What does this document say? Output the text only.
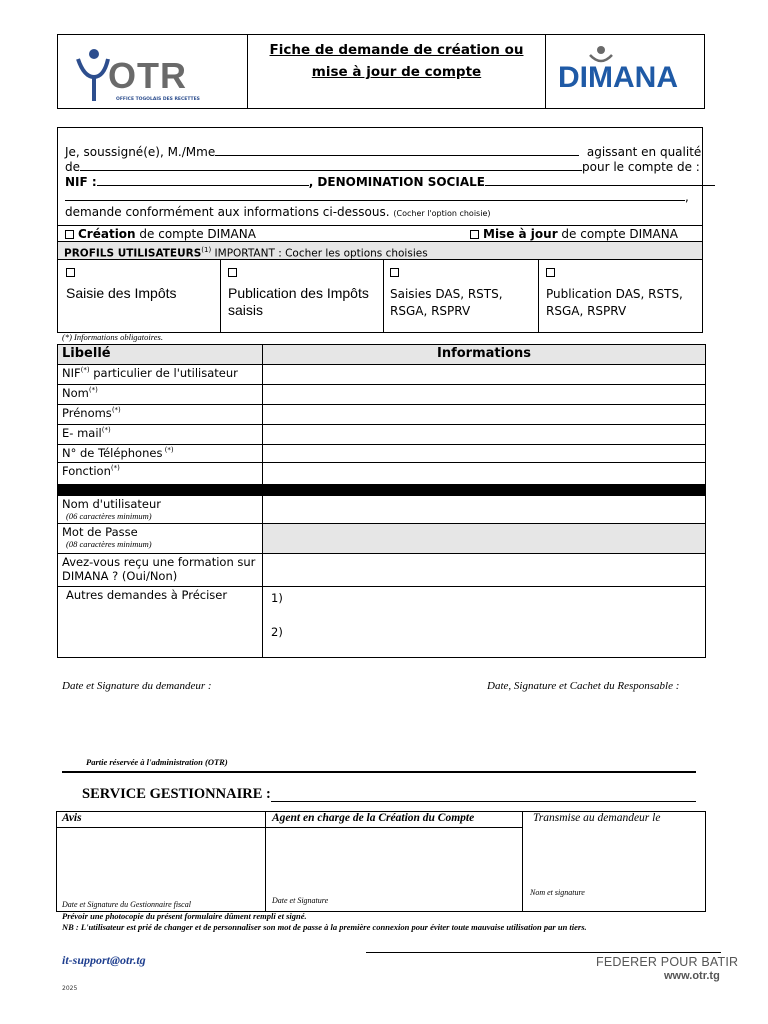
OTR
OFFICE TOGOLAIS DES RECETTES
Fiche de demande de création ou
mise à jour de compte	DIMANA
Je, soussigné(e), M./Mme	agissant en qualité
de	pour le compte de :
NIF :	, DENOMINATION SOCIALE
,
demande conformément aux informations ci-dessous. (Cocher l'option choisie)
Création de compte DIMANA	Mise à jour de compte DIMANA
PROFILS UTILISATEURS$^{(1)}$ IMPORTANT : Cocher les options choisies
Saisie des Impôts	Publication des Impôts saisis
Saisies DAS, RSTS, RSGA, RSPRV
Publication DAS, RSTS, RSGA, RSPRV
(*) Informations obligatoires.
Libellé	Informations
NIF(*) particulier de l'utilisateur	
Nom(*)	
Prénoms(*)	
E- mail(*)	
N° de Téléphones (*)	
Fonction(*)	

Nom d'utilisateur
(06 caractères minimum)	

Mot de Passe
(08 caractères minimum)	

Avez-vous reçu une formation sur DIMANA ? (Oui/Non)	
Autres demandes à Préciser	1)
2)
Date et Signature du demandeur :	Date, Signature et Cachet du Responsable :
Partie réservée à l'administration (OTR)
SERVICE GESTIONNAIRE :
Avis	Agent en charge de la Création du Compte	Transmise au demandeur le
Date et Signature du Gestionnaire fiscal	Date et Signature
Nom et signature
Prévoir une photocopie du présent formulaire dûment rempli et signé.
NB : L'utilisateur est prié de changer et de personnaliser son mot de passe à la première connexion pour éviter toute mauvaise utilisation par un tiers.
it-support@otr.tg	FEDERER POUR BATIR
www.otr.tg
2025
